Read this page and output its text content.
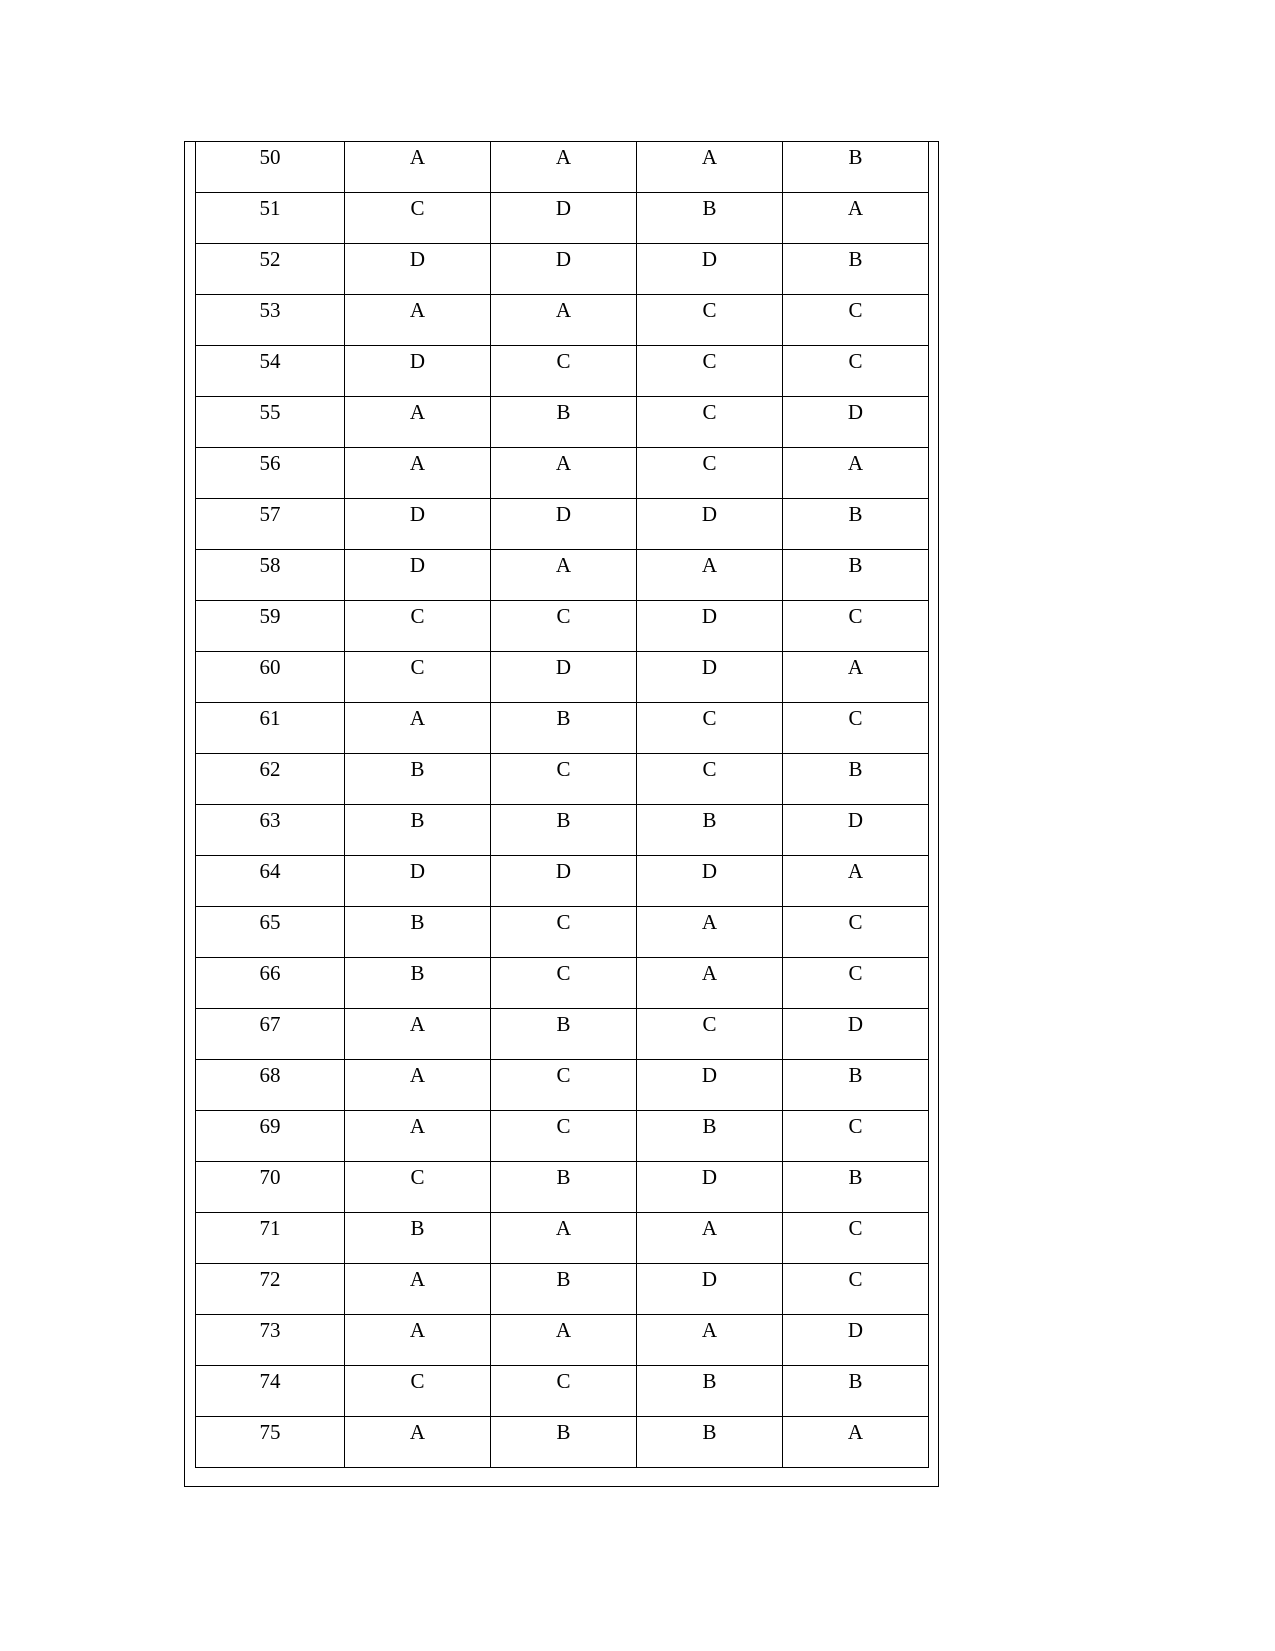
50	A	A	A	B

51	C	D	B	A

52	D	D	D	B

53	A	A	C	C

54	D	C	C	C

55	A	B	C	D

56	A	A	C	A

57	D	D	D	B

58	D	A	A	B

59	C	C	D	C

60	C	D	D	A

61	A	B	C	C

62	B	C	C	B

63	B	B	B	D

64	D	D	D	A

65	B	C	A	C

66	B	C	A	C

67	A	B	C	D

68	A	C	D	B

69	A	C	B	C

70	C	B	D	B

71	B	A	A	C

72	A	B	D	C

73	A	A	A	D

74	C	C	B	B

75	A	B	B	A
